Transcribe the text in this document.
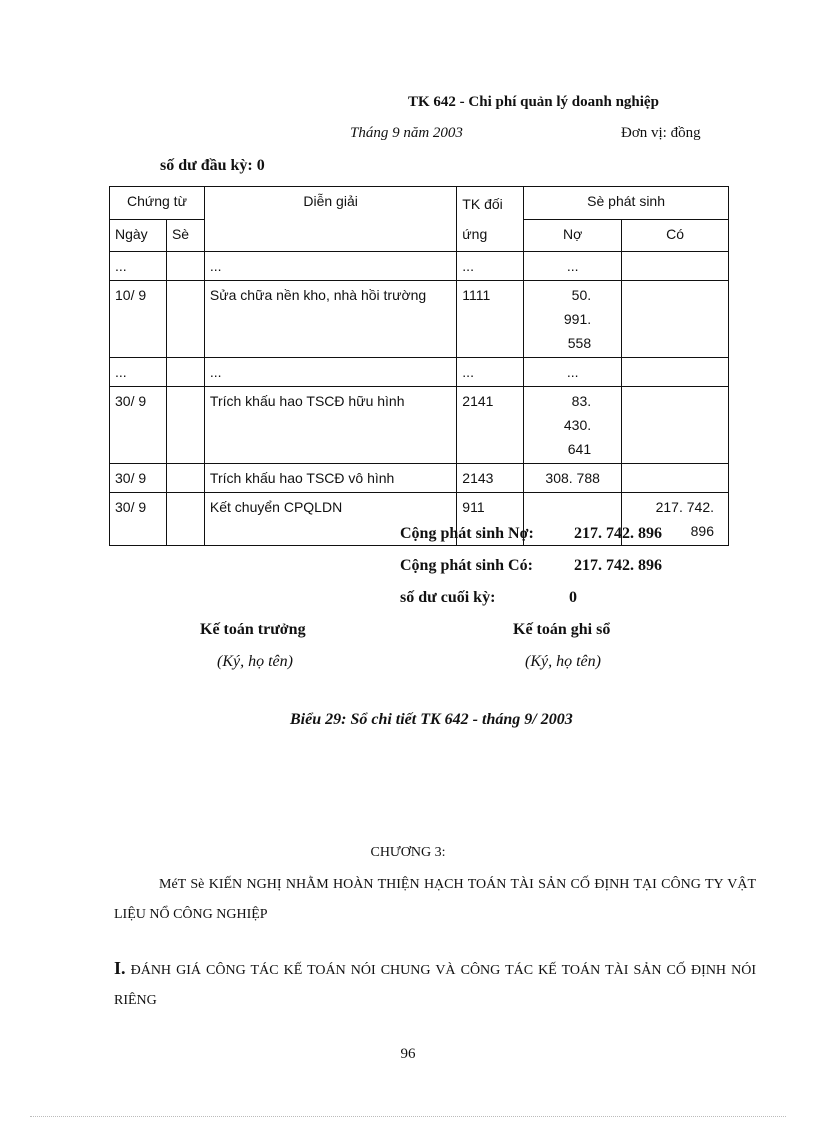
TK 642 - Chi phí quản lý doanh nghiệp
Tháng 9 năm 2003	Đơn vị: đồng
số dư đầu kỳ: 0
Chứng từ		Diễn giải	TK đối ứng	Sè phát sinh	
Ngày	Sè			Nợ	Có
...		...	...	...	
10/ 9		Sửa chữa nền kho, nhà hồi trường	1111	50. 991. 558	
...		...	...	...	
30/ 9		Trích khấu hao TSCĐ hữu hình	2141	83. 430. 641	
30/ 9		Trích khấu hao TSCĐ vô hình	2143	308. 788	
30/ 9		Kết chuyển CPQLDN	911		217. 742. 896
Cộng phát sinh Nợ:	217. 742. 896
Cộng phát sinh Có:	217. 742. 896
số dư cuối kỳ:	0
Kế toán trưởng
(Ký, họ tên)
Kế toán ghi sổ
(Ký, họ tên)
Biểu 29: Sổ chi tiết TK 642 - tháng 9/ 2003
CHƯƠNG 3:
MéT Sè KIẾN NGHỊ NHẰM HOÀN THIỆN HẠCH TOÁN TÀI SẢN CỐ ĐỊNH TẠI CÔNG TY VẬT LIỆU NỔ CÔNG NGHIỆP
I. ĐÁNH GIÁ CÔNG TÁC KẾ TOÁN NÓI CHUNG VÀ CÔNG TÁC KẾ TOÁN TÀI SẢN CỐ ĐỊNH NÓI RIÊNG
96
